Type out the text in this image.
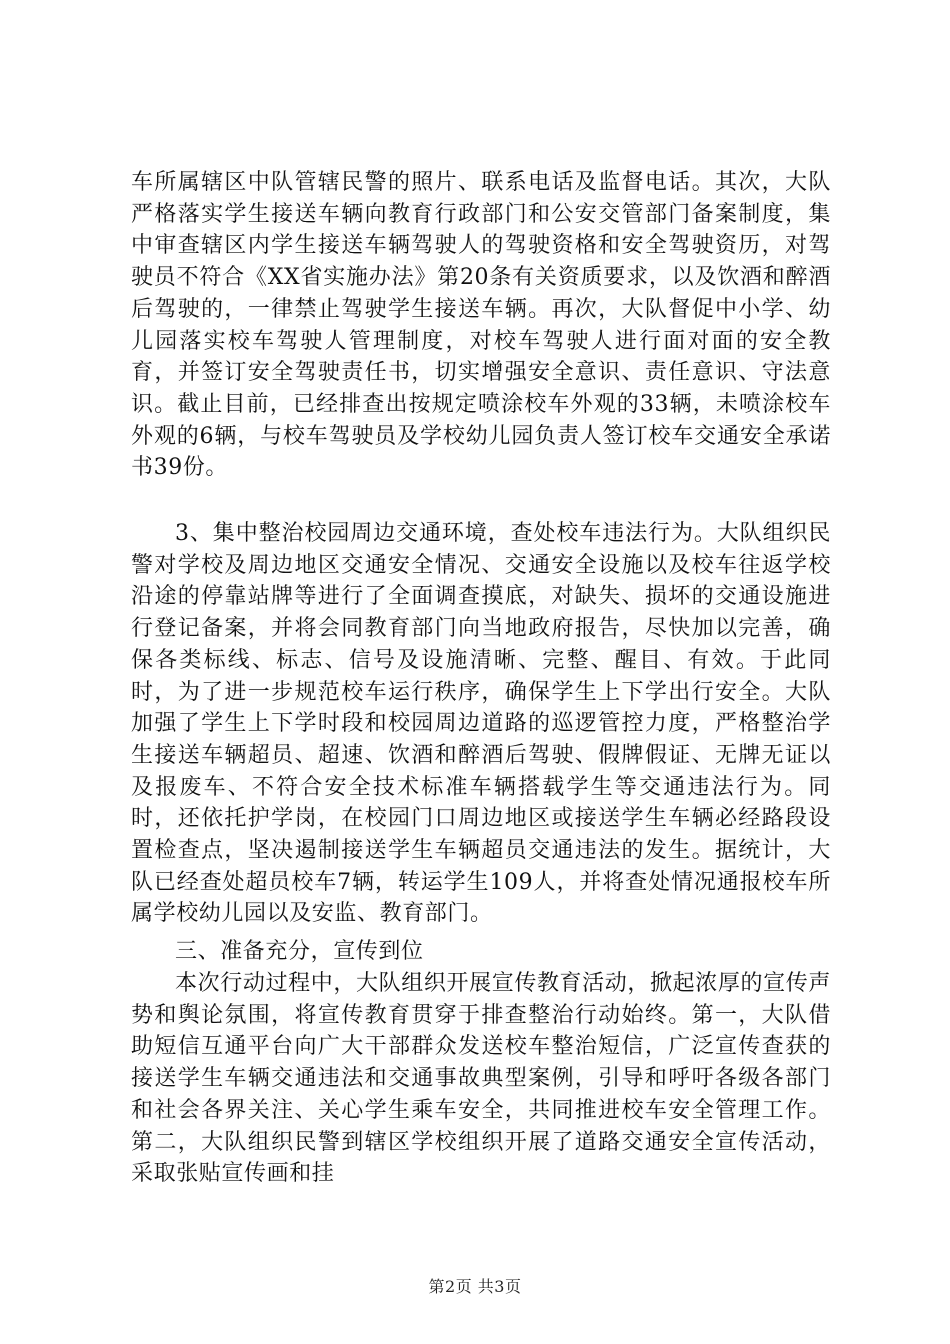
车所属辖区中队管辖民警的照片、联系电话及监督电话。其次，大队严格落实学生接送车辆向教育行政部门和公安交管部门备案制度，集中审查辖区内学生接送车辆驾驶人的驾驶资格和安全驾驶资历，对驾驶员不符合《XX省实施办法》第20条有关资质要求，以及饮酒和醉酒后驾驶的，一律禁止驾驶学生接送车辆。再次，大队督促中小学、幼儿园落实校车驾驶人管理制度，对校车驾驶人进行面对面的安全教育，并签订安全驾驶责任书，切实增强安全意识、责任意识、守法意识。截止目前，已经排查出按规定喷涂校车外观的33辆，未喷涂校车外观的6辆，与校车驾驶员及学校幼儿园负责人签订校车交通安全承诺书39份。

3、集中整治校园周边交通环境，查处校车违法行为。大队组织民警对学校及周边地区交通安全情况、交通安全设施以及校车往返学校沿途的停靠站牌等进行了全面调查摸底，对缺失、损坏的交通设施进行登记备案，并将会同教育部门向当地政府报告，尽快加以完善，确保各类标线、标志、信号及设施清晰、完整、醒目、有效。于此同时，为了进一步规范校车运行秩序，确保学生上下学出行安全。大队加强了学生上下学时段和校园周边道路的巡逻管控力度，严格整治学生接送车辆超员、超速、饮酒和醉酒后驾驶、假牌假证、无牌无证以及报废车、不符合安全技术标准车辆搭载学生等交通违法行为。同时，还依托护学岗，在校园门口周边地区或接送学生车辆必经路段设置检查点，坚决遏制接送学生车辆超员交通违法的发生。据统计，大队已经查处超员校车7辆，转运学生109人，并将查处情况通报校车所属学校幼儿园以及安监、教育部门。

三、准备充分，宣传到位

本次行动过程中，大队组织开展宣传教育活动，掀起浓厚的宣传声势和舆论氛围，将宣传教育贯穿于排查整治行动始终。第一，大队借助短信互通平台向广大干部群众发送校车整治短信，广泛宣传查获的接送学生车辆交通违法和交通事故典型案例，引导和呼吁各级各部门和社会各界关注、关心学生乘车安全，共同推进校车安全管理工作。第二，大队组织民警到辖区学校组织开展了道路交通安全宣传活动，采取张贴宣传画和挂

第2页 共3页
